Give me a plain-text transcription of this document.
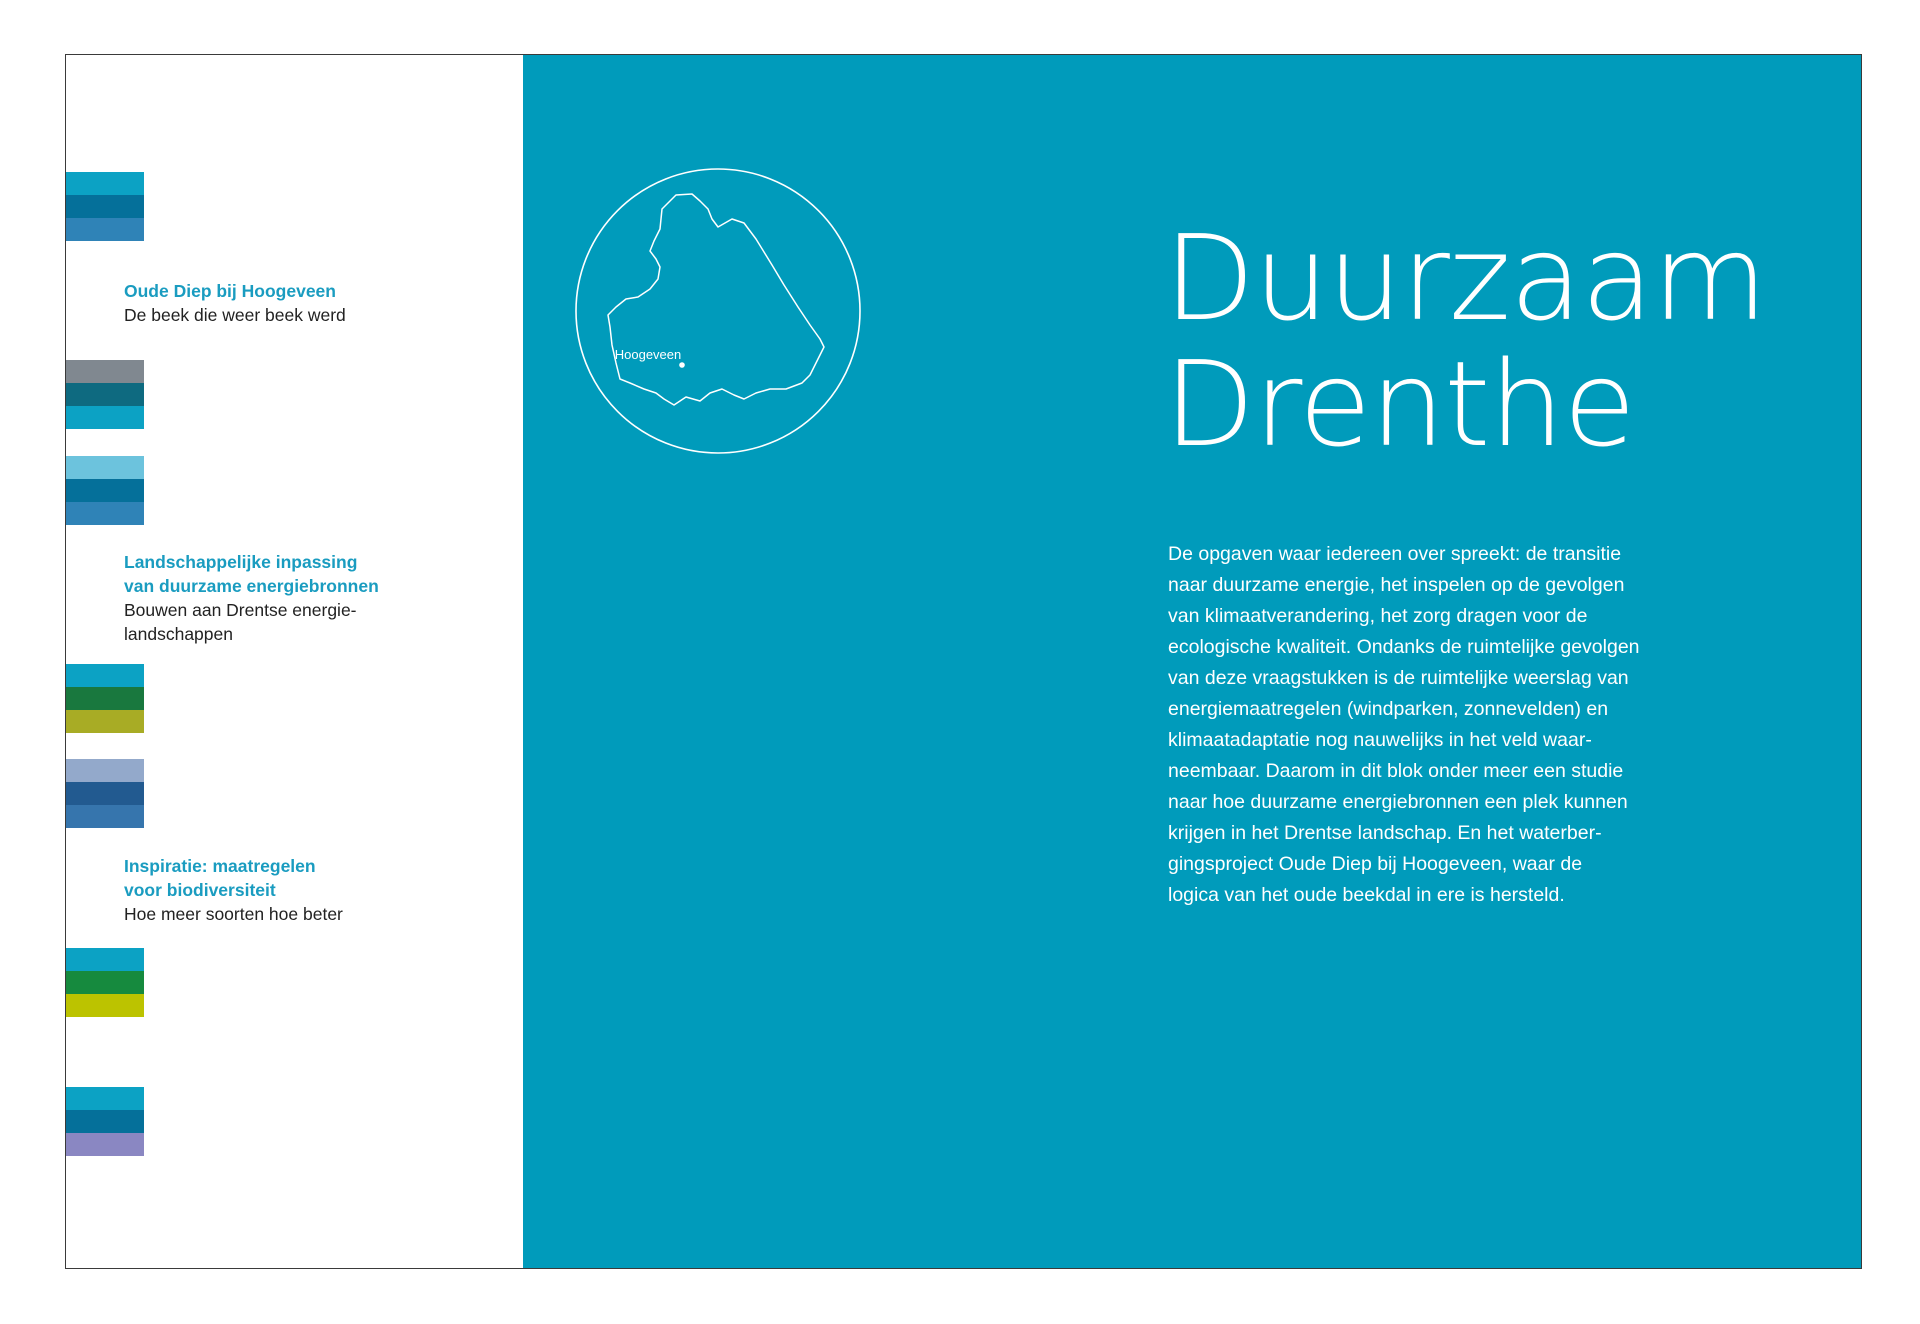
Oude Diep bij Hoogeveen
De beek die weer beek werd
Landschappelijke inpassing
van duurzame energiebronnen
Bouwen aan Drentse energie-
landschappen
Inspiratie: maatregelen
voor biodiversiteit
Hoe meer soorten hoe beter
Hoogeveen
Duurzaam
Drenthe
De opgaven waar iedereen over spreekt: de transitie
naar duurzame energie, het inspelen op de gevolgen
van klimaatverandering, het zorg dragen voor de
ecologische kwaliteit. Ondanks de ruimtelijke gevolgen
van deze vraagstukken is de ruimtelijke weerslag van
energiemaatregelen (windparken, zonnevelden) en
klimaatadaptatie nog nauwelijks in het veld waar-
neembaar. Daarom in dit blok onder meer een studie
naar hoe duurzame energiebronnen een plek kunnen
krijgen in het Drentse landschap. En het waterber-
gingsproject Oude Diep bij Hoogeveen, waar de
logica van het oude beekdal in ere is hersteld.
